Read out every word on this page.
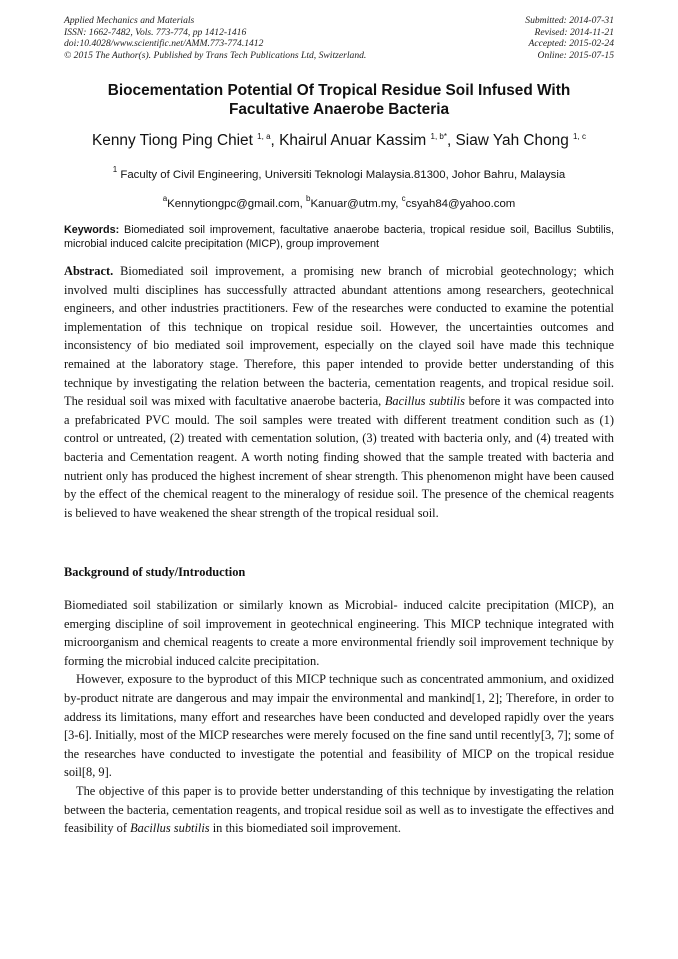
Applied Mechanics and Materials
ISSN: 1662-7482, Vols. 773-774, pp 1412-1416
doi:10.4028/www.scientific.net/AMM.773-774.1412
© 2015 The Author(s). Published by Trans Tech Publications Ltd, Switzerland.
Submitted: 2014-07-31
Revised: 2014-11-21
Accepted: 2015-02-24
Online: 2015-07-15
Biocementation Potential Of Tropical Residue Soil Infused With
Facultative Anaerobe Bacteria
Kenny Tiong Ping Chiet $^{1, a}$, Khairul Anuar Kassim $^{1, b*}$, Siaw Yah Chong $^{1, c}$
$^1$ Faculty of Civil Engineering, Universiti Teknologi Malaysia.81300, Johor Bahru, Malaysia
$^a$Kennytiongpc@gmail.com, $^b$Kanuar@utm.my, $^c$csyah84@yahoo.com
Keywords: Biomediated soil improvement, facultative anaerobe bacteria, tropical residue soil, Bacillus Subtilis, microbial induced calcite precipitation (MICP), group improvement
Abstract. Biomediated soil improvement, a promising new branch of microbial geotechnology; which involved multi disciplines has successfully attracted abundant attentions among researchers, geotechnical engineers, and other industries practitioners. Few of the researches were conducted to examine the potential implementation of this technique on tropical residue soil. However, the uncertainties outcomes and inconsistency of bio mediated soil improvement, especially on the clayed soil have made this technique remained at the laboratory stage. Therefore, this paper intended to provide better understanding of this technique by investigating the relation between the bacteria, cementation reagents, and tropical residue soil. The residual soil was mixed with facultative anaerobe bacteria, Bacillus subtilis before it was compacted into a prefabricated PVC mould. The soil samples were treated with different treatment condition such as (1) control or untreated, (2) treated with cementation solution, (3) treated with bacteria only, and (4) treated with bacteria and Cementation reagent. A worth noting finding showed that the sample treated with bacteria and nutrient only has produced the highest increment of shear strength. This phenomenon might have been caused by the effect of the chemical reagent to the mineralogy of residue soil. The presence of the chemical reagents is believed to have weakened the shear strength of the tropical residual soil.
Background of study/Introduction

Biomediated soil stabilization or similarly known as Microbial- induced calcite precipitation (MICP), an emerging discipline of soil improvement in geotechnical engineering. This MICP technique integrated with microorganism and chemical reagents to create a more environmental friendly soil improvement technique by forming the microbial induced calcite precipitation.

However, exposure to the byproduct of this MICP technique such as concentrated ammonium, and oxidized by-product nitrate are dangerous and may impair the environmental and mankind[1, 2]; Therefore, in order to address its limitations, many effort and researches have been conducted and developed rapidly over the years [3-6]. Initially, most of the MICP researches were merely focused on the fine sand until recently[3, 7]; some of the researches have conducted to investigate the potential and feasibility of MICP on the tropical residue soil[8, 9].

The objective of this paper is to provide better understanding of this technique by investigating the relation between the bacteria, cementation reagents, and tropical residue soil as well as to investigate the effectives and feasibility of Bacillus subtilis in this biomediated soil improvement.
